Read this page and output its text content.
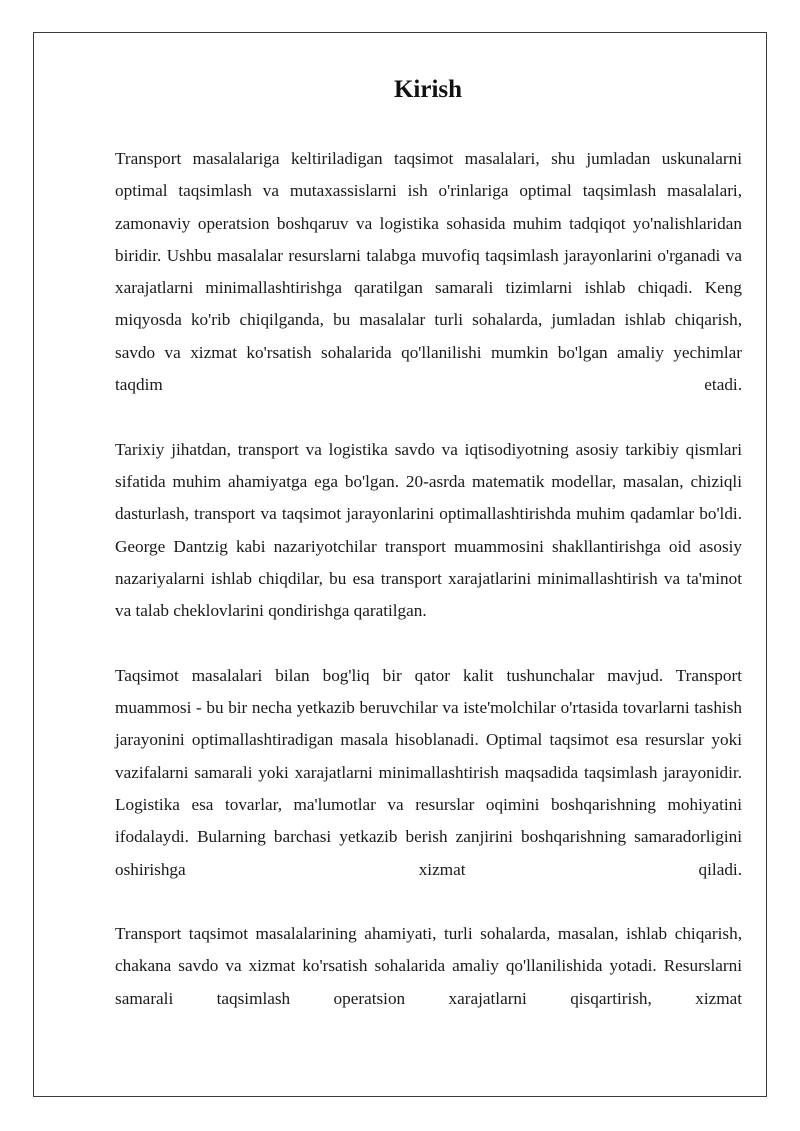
Kirish

Transport masalalariga keltiriladigan taqsimot masalalari, shu jumladan uskunalarni optimal taqsimlash va mutaxassislarni ish o'rinlariga optimal taqsimlash masalalari, zamonaviy operatsion boshqaruv va logistika sohasida muhim tadqiqot yo'nalishlaridan biridir. Ushbu masalalar resurslarni talabga muvofiq taqsimlash jarayonlarini o'rganadi va xarajatlarni minimallashtirishga qaratilgan samarali tizimlarni ishlab chiqadi. Keng miqyosda ko'rib chiqilganda, bu masalalar turli sohalarda, jumladan ishlab chiqarish, savdo va xizmat ko'rsatish sohalarida qo'llanilishi mumkin bo'lgan amaliy yechimlar taqdim etadi.

Tarixiy jihatdan, transport va logistika savdo va iqtisodiyotning asosiy tarkibiy qismlari sifatida muhim ahamiyatga ega bo'lgan. 20-asrda matematik modellar, masalan, chiziqli dasturlash, transport va taqsimot jarayonlarini optimallashtirishda muhim qadamlar bo'ldi. George Dantzig kabi nazariyotchilar transport muammosini shakllantirishga oid asosiy nazariyalarni ishlab chiqdilar, bu esa transport xarajatlarini minimallashtirish va ta'minot va talab cheklovlarini qondirishga qaratilgan.

Taqsimot masalalari bilan bog'liq bir qator kalit tushunchalar mavjud. Transport muammosi - bu bir necha yetkazib beruvchilar va iste'molchilar o'rtasida tovarlarni tashish jarayonini optimallashtiradigan masala hisoblanadi. Optimal taqsimot esa resurslar yoki vazifalarni samarali yoki xarajatlarni minimallashtirish maqsadida taqsimlash jarayonidir. Logistika esa tovarlar, ma'lumotlar va resurslar oqimini boshqarishning mohiyatini ifodalaydi. Bularning barchasi yetkazib berish zanjirini boshqarishning samaradorligini oshirishga xizmat qiladi.

Transport taqsimot masalalarining ahamiyati, turli sohalarda, masalan, ishlab chiqarish, chakana savdo va xizmat ko'rsatish sohalarida amaliy qo'llanilishida yotadi. Resurslarni samarali taqsimlash operatsion xarajatlarni qisqartirish, xizmat
